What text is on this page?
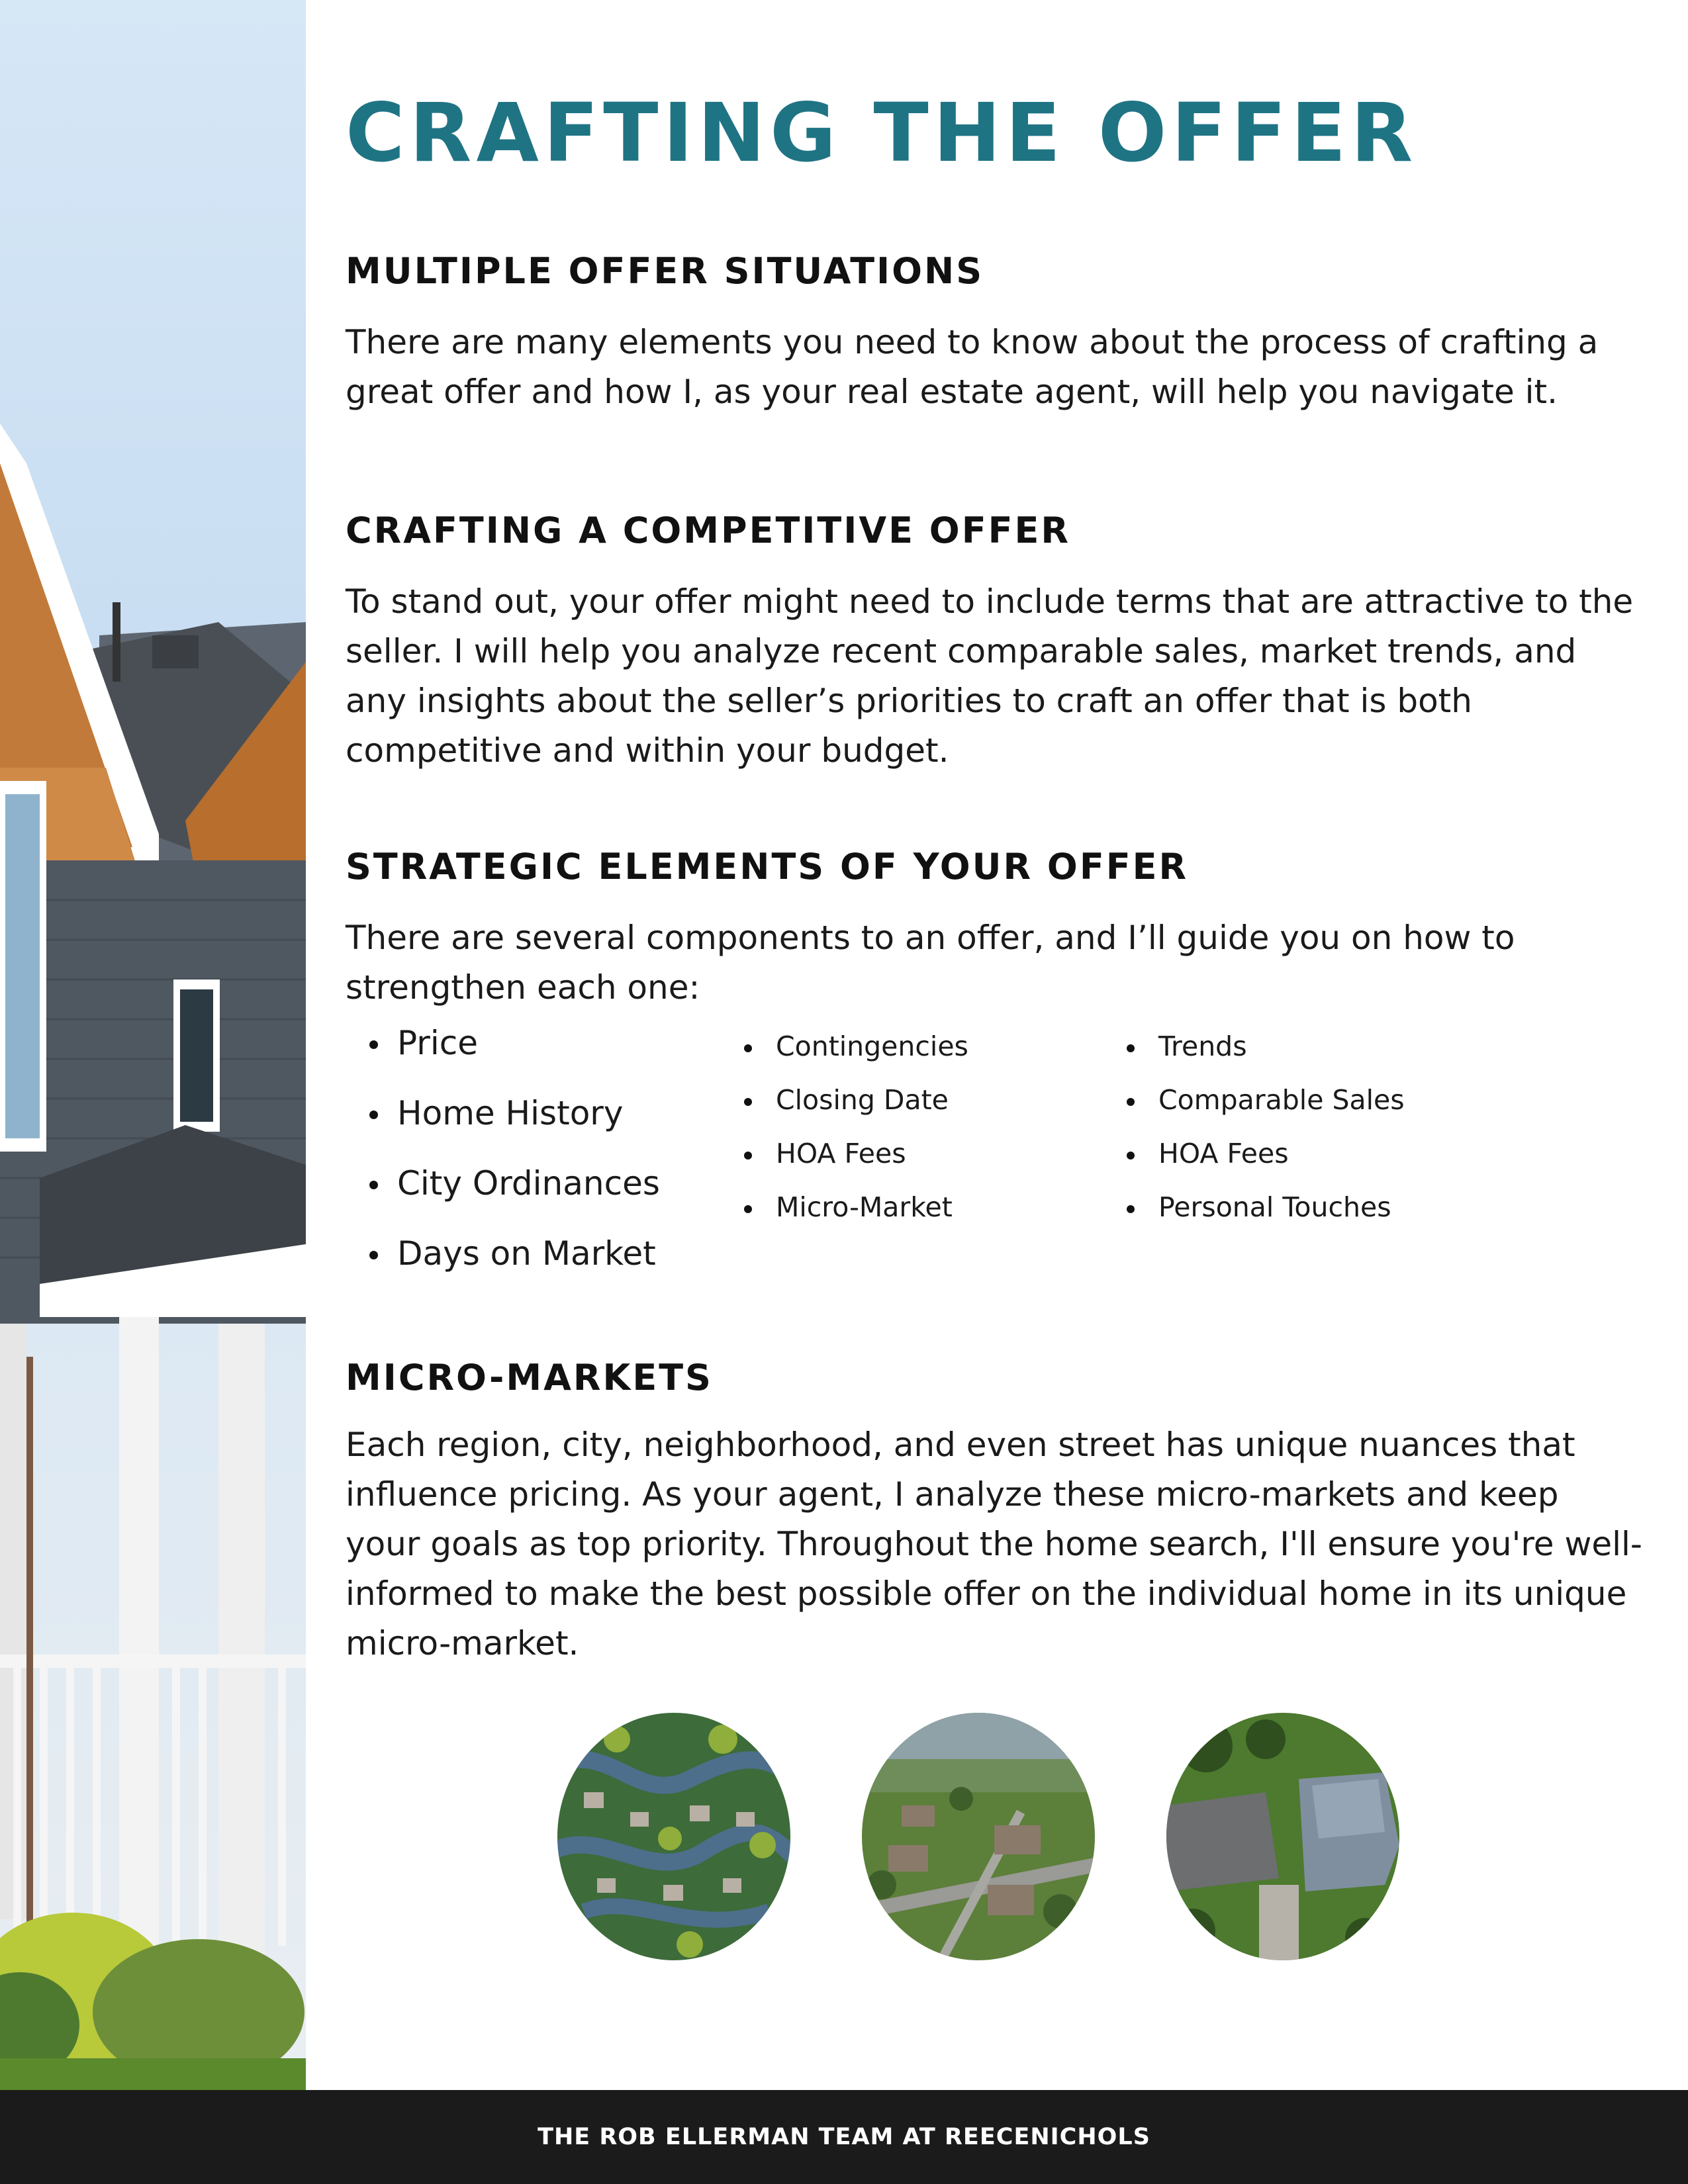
CRAFTING THE OFFER
MULTIPLE OFFER SITUATIONS

There are many elements you need to know about the process of crafting a great offer and how I, as your real estate agent, will help you navigate it.

CRAFTING A COMPETITIVE OFFER

To stand out, your offer might need to include terms that are attractive to the seller. I will help you analyze recent comparable sales, market trends, and any insights about the seller’s priorities to craft an offer that is both competitive and within your budget.

STRATEGIC ELEMENTS OF YOUR OFFER

There are several components to an offer, and I’ll guide you on how to strengthen each one:

Price
Home History
City Ordinances
Days on Market
Contingencies
Closing Date
HOA Fees
Micro-Market
Trends
Comparable Sales
HOA Fees
Personal Touches
MICRO-MARKETS

Each region, city, neighborhood, and even street has unique nuances that influence pricing. As your agent, I analyze these micro-markets and keep your goals as top priority. Throughout the home search, I'll ensure you're well-informed to make the best possible offer on the individual home in its unique micro-market.

THE ROB ELLERMAN TEAM AT REECENICHOLS
